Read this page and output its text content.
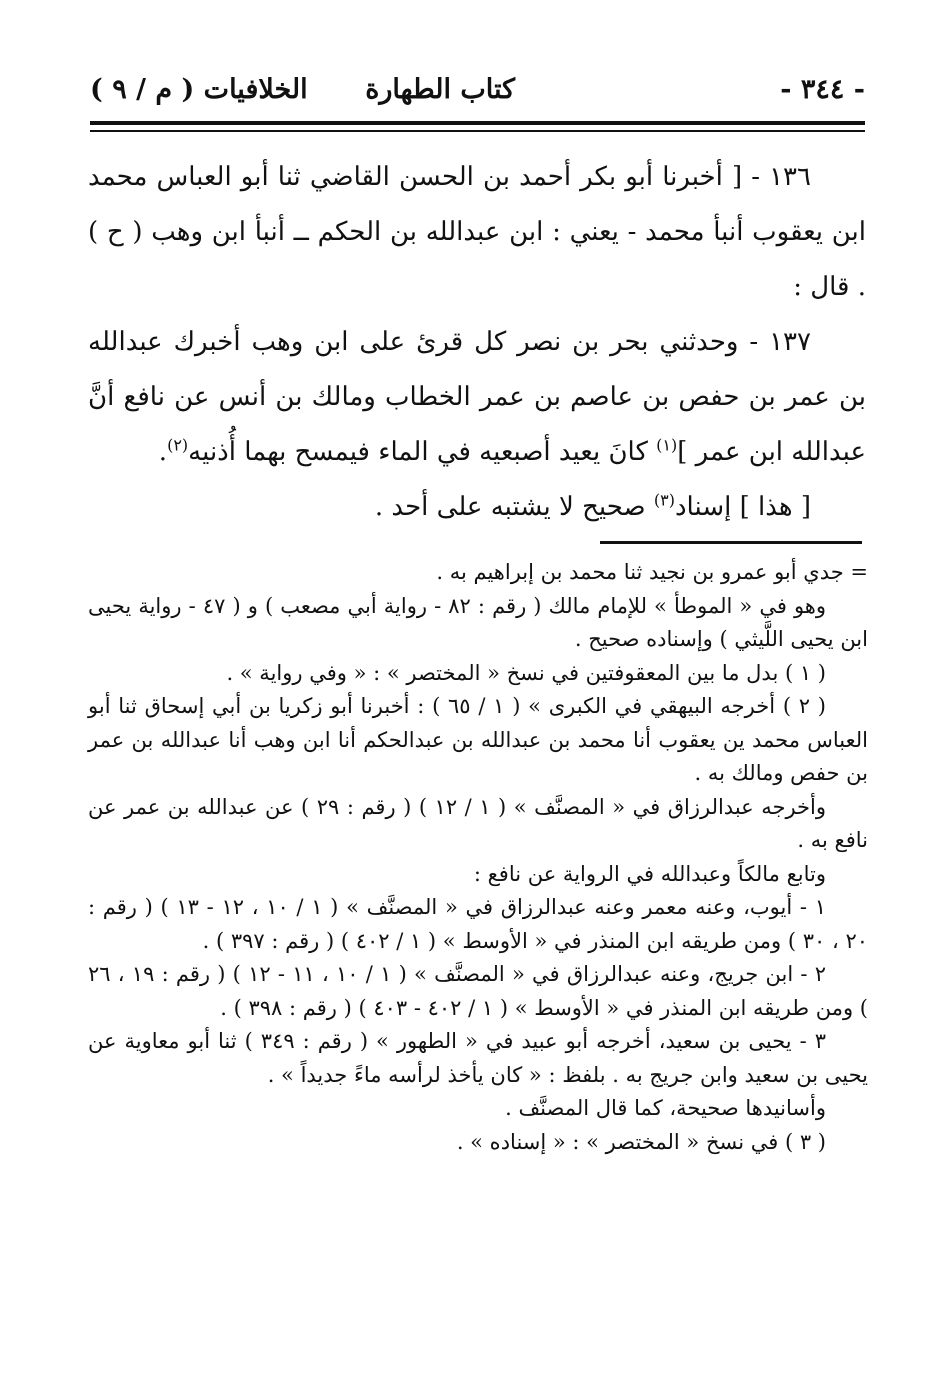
- ٣٤٤ -
كتاب الطهارة
الخلافيات ( م / ٩ )

١٣٦ - [ أخبرنا أبو بكر أحمد بن الحسن القاضي ثنا أبو العباس محمد ابن يعقوب أنبأ محمد - يعني : ابن عبدالله بن الحكم ــ أنبأ ابن وهب ( ح ) . قال :

١٣٧ - وحدثني بحر بن نصر كل قرئ على ابن وهب أخبرك عبدالله بن عمر بن حفص بن عاصم بن عمر الخطاب ومالك بن أنس عن نافع أنَّ عبدالله ابن عمر ]$^{(١)}$ كانَ يعيد أصبعيه في الماء فيمسح بهما أُذنيه$^{(٢)}$.

[ هذا ] إسناد$^{(٣)}$ صحيح لا يشتبه على أحد .

= جدي أبو عمرو بن نجيد ثنا محمد بن إبراهيم به .

وهو في « الموطأ » للإمام مالك ( رقم : ٨٢ - رواية أبي مصعب ) و ( ٤٧ - رواية يحيى ابن يحيى اللَّيثي ) وإسناده صحيح .

( ١ ) بدل ما بين المعقوفتين في نسخ « المختصر » : « وفي رواية » .

( ٢ ) أخرجه البيهقي في الكبرى » ( ١ / ٦٥ ) : أخبرنا أبو زكريا بن أبي إسحاق ثنا أبو العباس محمد ين يعقوب أنا محمد بن عبدالله بن عبدالحكم أنا ابن وهب أنا عبدالله بن عمر بن حفص ومالك به .

وأخرجه عبدالرزاق في « المصنَّف » ( ١ / ١٢ ) ( رقم : ٢٩ ) عن عبدالله بن عمر عن نافع به .

وتابع مالكاً وعبدالله في الرواية عن نافع :

١ - أيوب، وعنه معمر وعنه عبدالرزاق في « المصنَّف » ( ١ / ١٠ ، ١٢ - ١٣ ) ( رقم : ٢٠ ، ٣٠ ) ومن طريقه ابن المنذر في « الأوسط » ( ١ / ٤٠٢ ) ( رقم : ٣٩٧ ) .

٢ - ابن جريج، وعنه عبدالرزاق في « المصنَّف » ( ١ / ١٠ ، ١١ - ١٢ ) ( رقم : ١٩ ، ٢٦ ) ومن طريقه ابن المنذر في « الأوسط » ( ١ / ٤٠٢ - ٤٠٣ ) ( رقم : ٣٩٨ ) .

٣ - يحيى بن سعيد، أخرجه أبو عبيد في « الطهور » ( رقم : ٣٤٩ ) ثنا أبو معاوية عن يحيى بن سعيد وابن جريج به . بلفظ : « كان يأخذ لرأسه ماءً جديداً » .

وأسانيدها صحيحة، كما قال المصنَّف .

( ٣ ) في نسخ « المختصر » : « إسناده » .
